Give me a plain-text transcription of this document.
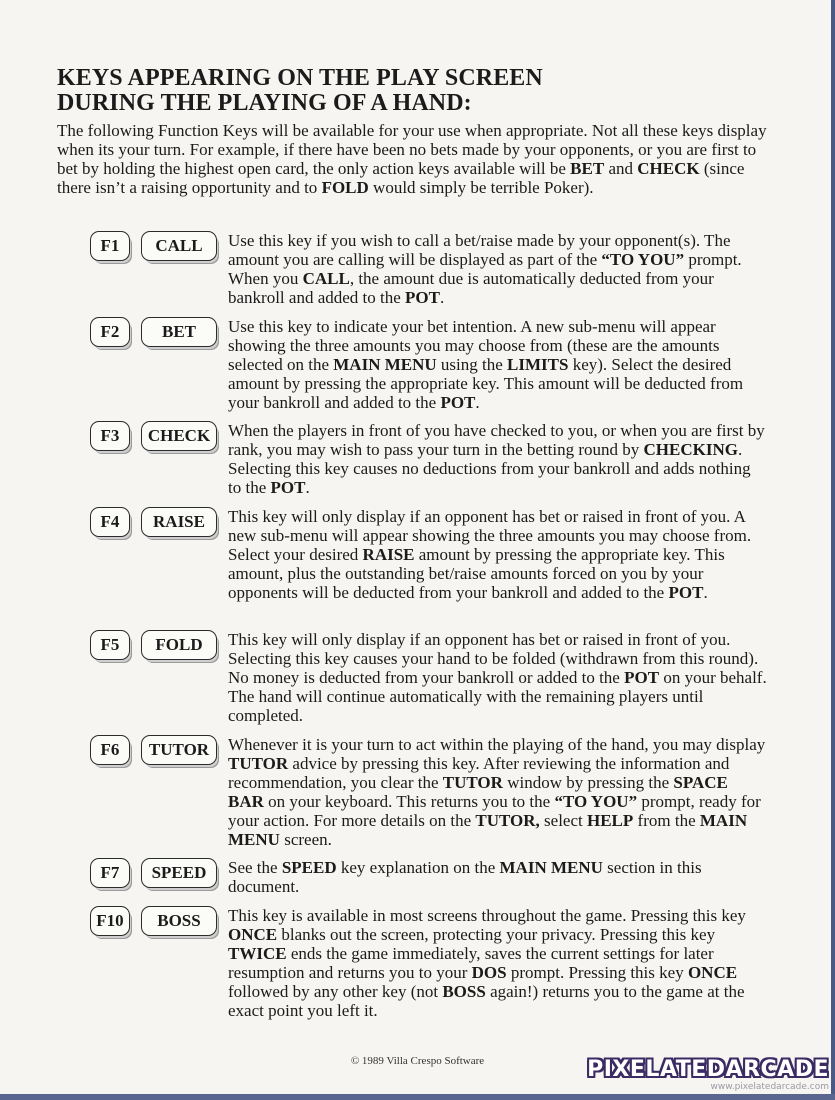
KEYS APPEARING ON THE PLAY SCREEN
DURING THE PLAYING OF A HAND:
The following Function Keys will be available for your use when appropriate. Not all these keys display when its your turn. For example, if there have been no bets made by your opponents, or you are first to bet by holding the highest open card, the only action keys available will be BET and CHECK (since there isn’t a raising opportunity and to FOLD would simply be terrible Poker).
F1	CALL	Use this key if you wish to call a bet/raise made by your opponent(s). The amount you are calling will be displayed as part of the “TO YOU” prompt. When you CALL, the amount due is automatically deducted from your bankroll and added to the POT.
F2	BET	Use this key to indicate your bet intention. A new sub-menu will appear showing the three amounts you may choose from (these are the amounts selected on the MAIN MENU using the LIMITS key). Select the desired amount by pressing the appropriate key. This amount will be deducted from your bankroll and added to the POT.
F3	CHECK	When the players in front of you have checked to you, or when you are first by rank, you may wish to pass your turn in the betting round by CHECKING. Selecting this key causes no deductions from your bankroll and adds nothing to the POT.
F4	RAISE	This key will only display if an opponent has bet or raised in front of you. A new sub-menu will appear showing the three amounts you may choose from. Select your desired RAISE amount by pressing the appropriate key. This amount, plus the outstanding bet/raise amounts forced on you by your opponents will be deducted from your bankroll and added to the POT.
F5	FOLD	This key will only display if an opponent has bet or raised in front of you. Selecting this key causes your hand to be folded (withdrawn from this round). No money is deducted from your bankroll or added to the POT on your behalf. The hand will continue automatically with the remaining players until completed.
F6	TUTOR	Whenever it is your turn to act within the playing of the hand, you may display TUTOR advice by pressing this key. After reviewing the information and recommendation, you clear the TUTOR window by pressing the SPACE BAR on your keyboard. This returns you to the “TO YOU” prompt, ready for your action. For more details on the TUTOR, select HELP from the MAIN MENU screen.
F7	SPEED	See the SPEED key explanation on the MAIN MENU section in this document.
F10	BOSS	This key is available in most screens throughout the game. Pressing this key ONCE blanks out the screen, protecting your privacy. Pressing this key TWICE ends the game immediately, saves the current settings for later resumption and returns you to your DOS prompt. Pressing this key ONCE followed by any other key (not BOSS again!) returns you to the game at the exact point you left it.
© 1989 Villa Crespo Software	PIXELATEDARCADE
www.pixelatedarcade.com
